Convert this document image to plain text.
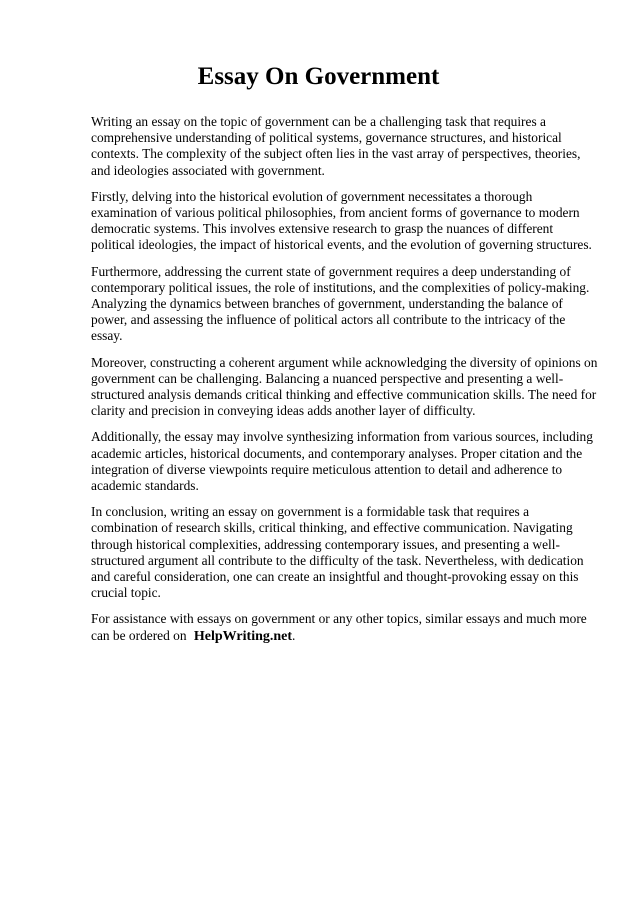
Essay On Government

Writing an essay on the topic of government can be a challenging task that requires a comprehensive understanding of political systems, governance structures, and historical contexts. The complexity of the subject often lies in the vast array of perspectives, theories, and ideologies associated with government.

Firstly, delving into the historical evolution of government necessitates a thorough examination of various political philosophies, from ancient forms of governance to modern democratic systems. This involves extensive research to grasp the nuances of different political ideologies, the impact of historical events, and the evolution of governing structures.

Furthermore, addressing the current state of government requires a deep understanding of contemporary political issues, the role of institutions, and the complexities of policy-making. Analyzing the dynamics between branches of government, understanding the balance of power, and assessing the influence of political actors all contribute to the intricacy of the essay.

Moreover, constructing a coherent argument while acknowledging the diversity of opinions on government can be challenging. Balancing a nuanced perspective and presenting a well-structured analysis demands critical thinking and effective communication skills. The need for clarity and precision in conveying ideas adds another layer of difficulty.

Additionally, the essay may involve synthesizing information from various sources, including academic articles, historical documents, and contemporary analyses. Proper citation and the integration of diverse viewpoints require meticulous attention to detail and adherence to academic standards.

In conclusion, writing an essay on government is a formidable task that requires a combination of research skills, critical thinking, and effective communication. Navigating through historical complexities, addressing contemporary issues, and presenting a well-structured argument all contribute to the difficulty of the task. Nevertheless, with dedication and careful consideration, one can create an insightful and thought-provoking essay on this crucial topic.

For assistance with essays on government or any other topics, similar essays and much more can be ordered on HelpWriting.net.
